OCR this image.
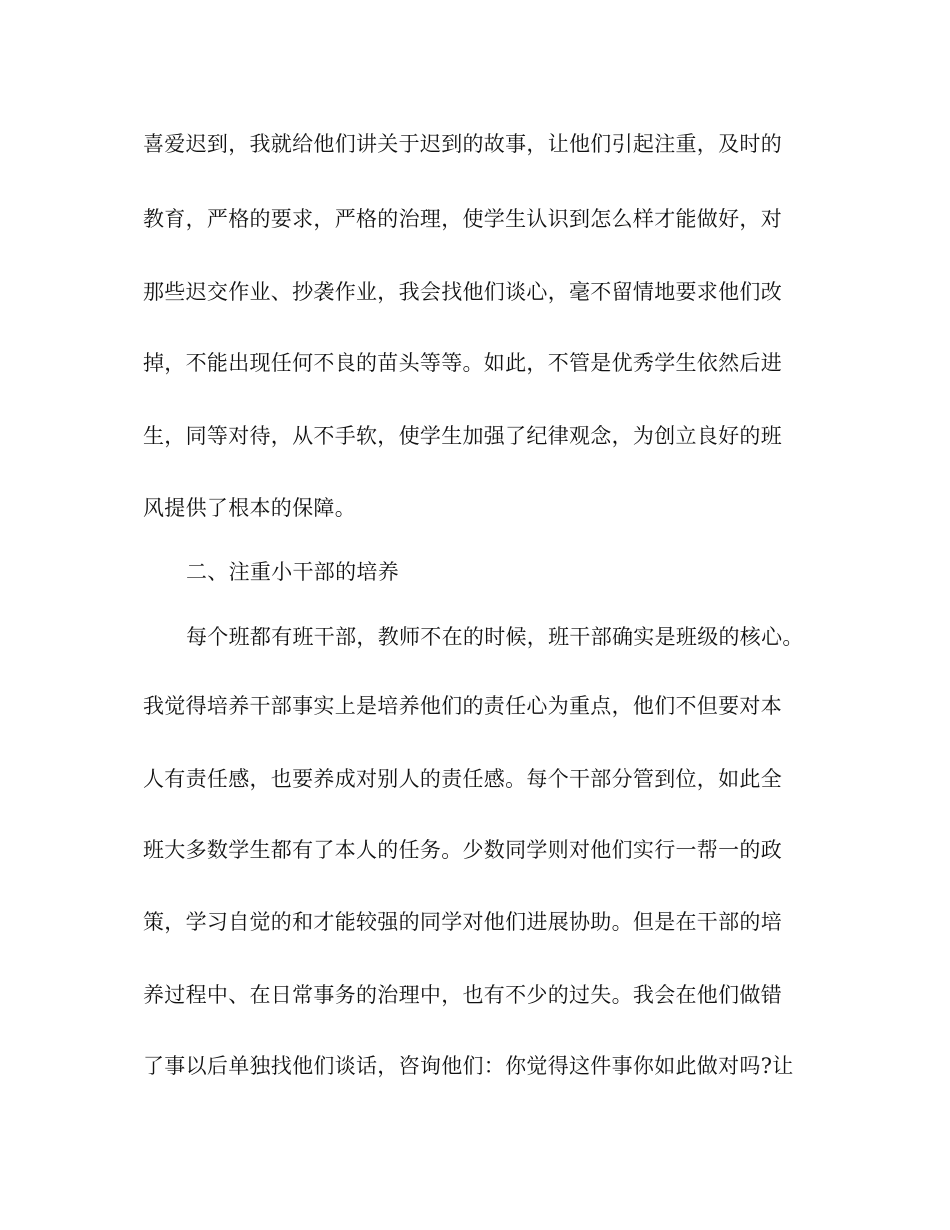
喜爱迟到，我就给他们讲关于迟到的故事，让他们引起注重，及时的
教育，严格的要求，严格的治理，使学生认识到怎么样才能做好，对
那些迟交作业、抄袭作业，我会找他们谈心，毫不留情地要求他们改
掉，不能出现任何不良的苗头等等。如此，不管是优秀学生依然后进
生，同等对待，从不手软，使学生加强了纪律观念，为创立良好的班
风提供了根本的保障。
二、注重小干部的培养
每个班都有班干部，教师不在的时候，班干部确实是班级的核心。
我觉得培养干部事实上是培养他们的责任心为重点，他们不但要对本
人有责任感，也要养成对别人的责任感。每个干部分管到位，如此全
班大多数学生都有了本人的任务。少数同学则对他们实行一帮一的政
策，学习自觉的和才能较强的同学对他们进展协助。但是在干部的培
养过程中、在日常事务的治理中，也有不少的过失。我会在他们做错
了事以后单独找他们谈话，咨询他们：你觉得这件事你如此做对吗?让
